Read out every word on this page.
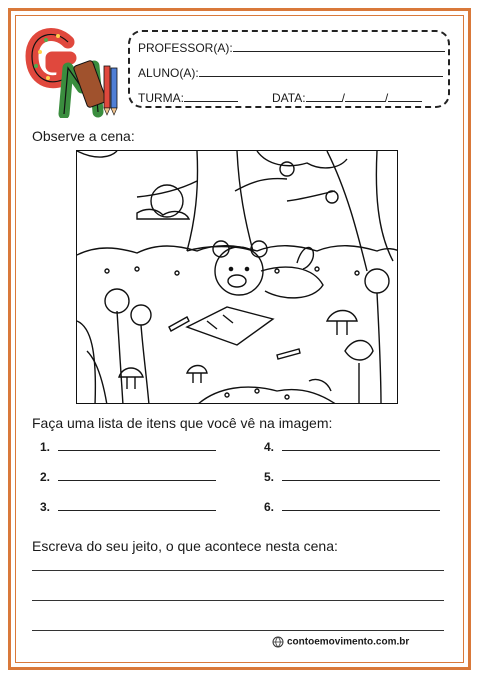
PROFESSOR(A):
ALUNO(A):
TURMA:	DATA:	/	/
Observe a cena:
Faça uma lista de itens que você vê na imagem:
1.
2.
3.
4.
5.
6.
Escreva do seu jeito, o que acontece nesta cena:
contoemovimento.com.br
